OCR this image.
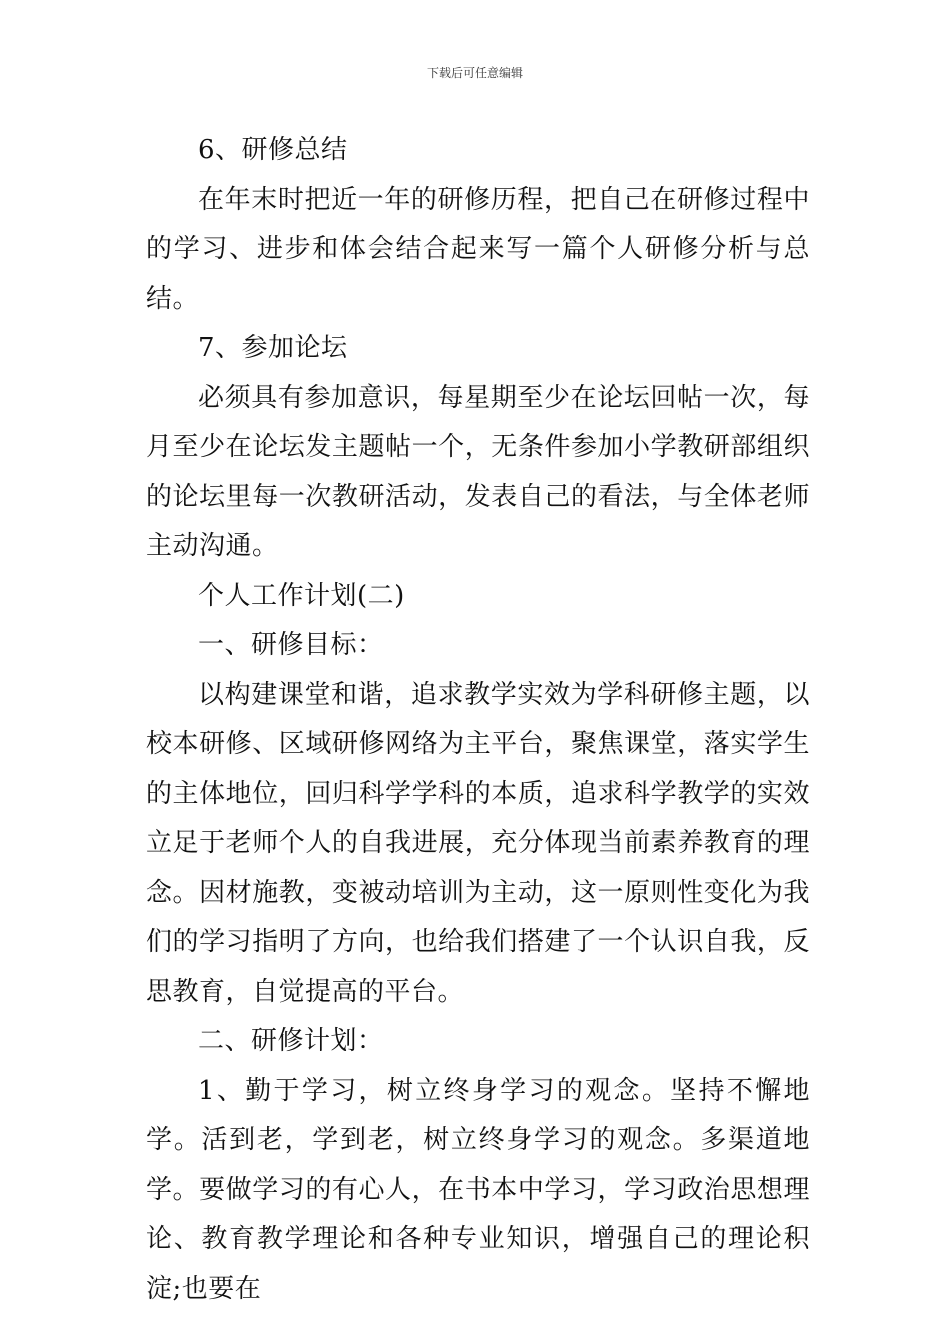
下载后可任意编辑

6、研修总结

在年末时把近一年的研修历程，把自己在研修过程中的学习、进步和体会结合起来写一篇个人研修分析与总结。

7、参加论坛

必须具有参加意识，每星期至少在论坛回帖一次，每月至少在论坛发主题帖一个，无条件参加小学教研部组织的论坛里每一次教研活动，发表自己的看法，与全体老师主动沟通。

个人工作计划(二)

一、研修目标：

以构建课堂和谐，追求教学实效为学科研修主题，以校本研修、区域研修网络为主平台，聚焦课堂，落实学生的主体地位，回归科学学科的本质，追求科学教学的实效立足于老师个人的自我进展，充分体现当前素养教育的理念。因材施教，变被动培训为主动，这一原则性变化为我们的学习指明了方向，也给我们搭建了一个认识自我，反思教育，自觉提高的平台。

二、研修计划：

1、勤于学习，树立终身学习的观念。坚持不懈地学。活到老，学到老，树立终身学习的观念。多渠道地学。要做学习的有心人，在书本中学习，学习政治思想理论、教育教学理论和各种专业知识，增强自己的理论积淀;也要在
